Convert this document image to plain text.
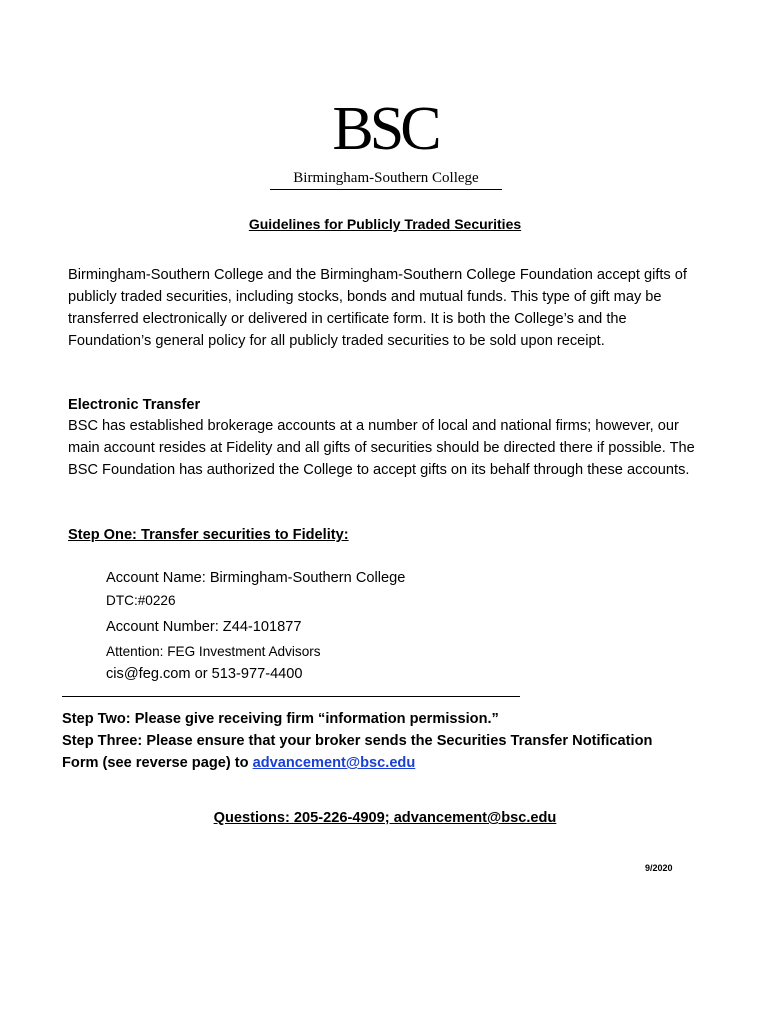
BSC
Birmingham-Southern College
Guidelines for Publicly Traded Securities
Birmingham-Southern College and the Birmingham-Southern College Foundation accept gifts of publicly traded securities, including stocks, bonds and mutual funds. This type of gift may be transferred electronically or delivered in certificate form. It is both the College’s and the Foundation’s general policy for all publicly traded securities to be sold upon receipt.
Electronic Transfer
BSC has established brokerage accounts at a number of local and national firms; however, our main account resides at Fidelity and all gifts of securities should be directed there if possible. The BSC Foundation has authorized the College to accept gifts on its behalf through these accounts.
Step One: Transfer securities to Fidelity:
Account Name: Birmingham-Southern College
DTC:#0226
Account Number: Z44-101877
Attention: FEG Investment Advisors
cis@feg.com or 513-977-4400
Step Two: Please give receiving firm “information permission.”
Step Three: Please ensure that your broker sends the Securities Transfer Notification
Form (see reverse page) to advancement@bsc.edu
Questions: 205-226-4909; advancement@bsc.edu
9/2020
